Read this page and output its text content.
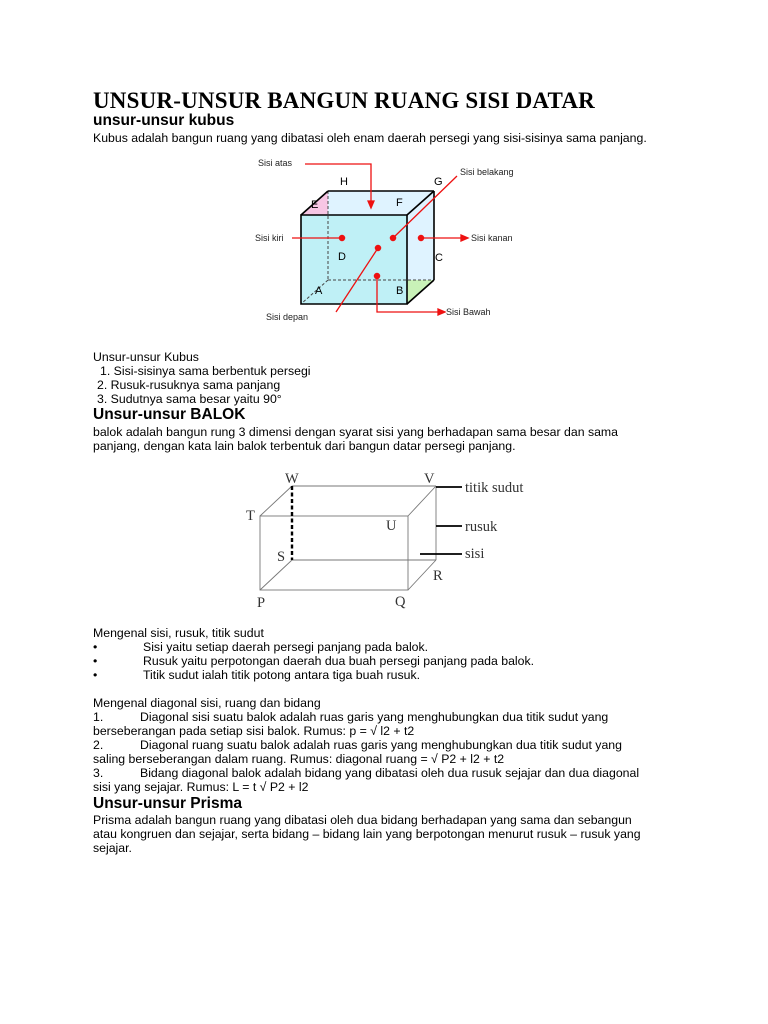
UNSUR-UNSUR BANGUN RUANG SISI DATAR
unsur-unsur kubus
Kubus adalah bangun ruang yang dibatasi oleh enam daerah persegi yang sisi-sisinya sama panjang.
Sisi atas
Sisi belakang
Sisi kiri	Sisi kanan
Sisi depan	Sisi Bawah
H	G
E	F
D	C
A	B
Unsur-unsur Kubus
1. Sisi-sisinya sama berbentuk persegi
2. Rusuk-rusuknya sama panjang
3. Sudutnya sama besar yaitu 90°
Unsur-unsur BALOK
balok adalah bangun rung 3 dimensi dengan syarat sisi yang berhadapan sama besar dan sama
panjang, dengan kata lain balok terbentuk dari bangun datar persegi panjang.
W	V
T
U
S
R
P	Q
titik sudut
rusuk
sisi
Mengenal sisi, rusuk, titik sudut
•	Sisi yaitu setiap daerah persegi panjang pada balok.
•	Rusuk yaitu perpotongan daerah dua buah persegi panjang pada balok.
•	Titik sudut ialah titik potong antara tiga buah rusuk.
Mengenal diagonal sisi, ruang dan bidang
1.	Diagonal sisi suatu balok adalah ruas garis yang menghubungkan dua titik sudut yang
berseberangan pada setiap sisi balok. Rumus: p = √ l2 + t2
2.	Diagonal ruang suatu balok adalah ruas garis yang menghubungkan dua titik sudut yang
saling berseberangan dalam ruang. Rumus: diagonal ruang = √ P2 + l2 + t2
3.	Bidang diagonal balok adalah bidang yang dibatasi oleh dua rusuk sejajar dan dua diagonal
sisi yang sejajar. Rumus: L = t √ P2 + l2
Unsur-unsur Prisma
Prisma adalah bangun ruang yang dibatasi oleh dua bidang berhadapan yang sama dan sebangun
atau kongruen dan sejajar, serta bidang – bidang lain yang berpotongan menurut rusuk – rusuk yang
sejajar.
